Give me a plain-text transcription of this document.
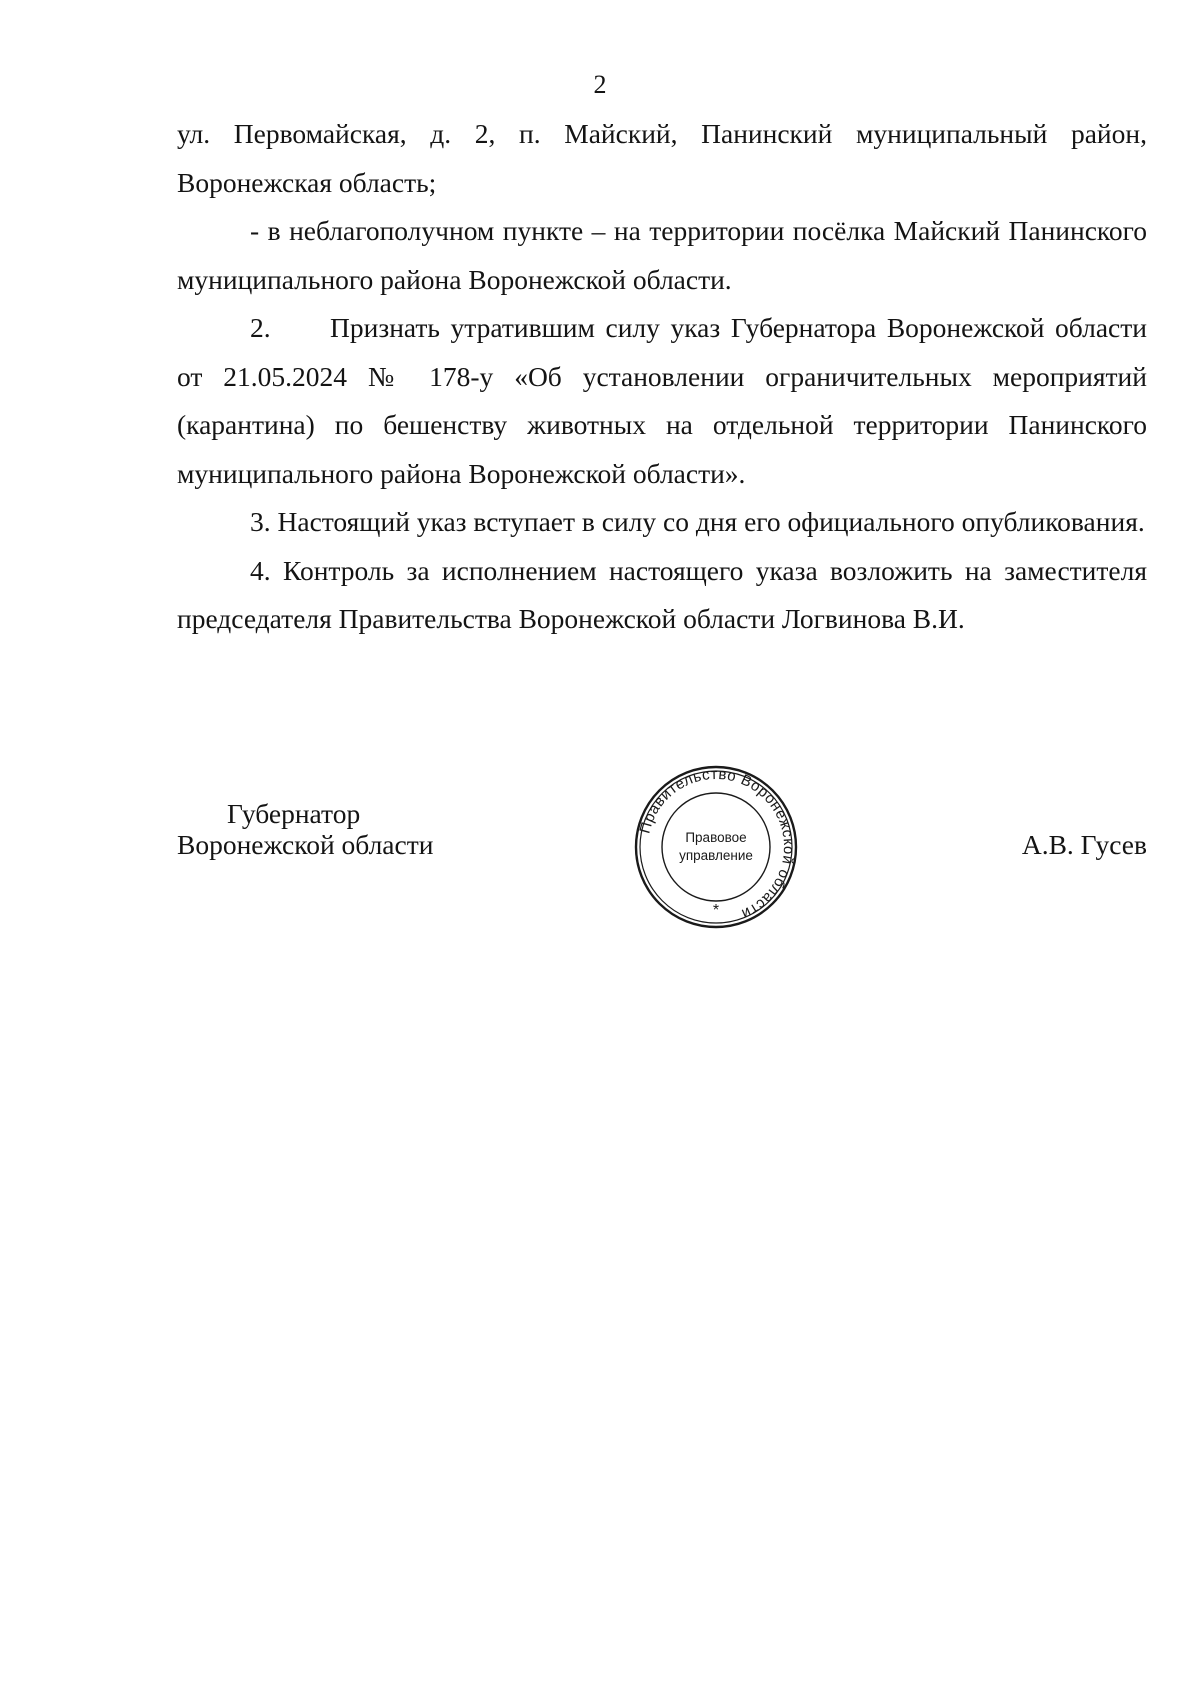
2

ул. Первомайская, д. 2, п. Майский, Панинский муниципальный район, Воронежская область;

- в неблагополучном пункте – на территории посёлка Майский Панинского муниципального района Воронежской области.

2. Признать утратившим силу указ Губернатора Воронежской области от 21.05.2024 № 178-у «Об установлении ограничительных мероприятий (карантина) по бешенству животных на отдельной территории Панинского муниципального района Воронежской области».

3. Настоящий указ вступает в силу со дня его официального опубликования.

4. Контроль за исполнением настоящего указа возложить на заместителя председателя Правительства Воронежской области Логвинова В.И.

Губернатор
Воронежской области	А.В. Гусев
Правительство Воронежской области
Правовое
управление
*
